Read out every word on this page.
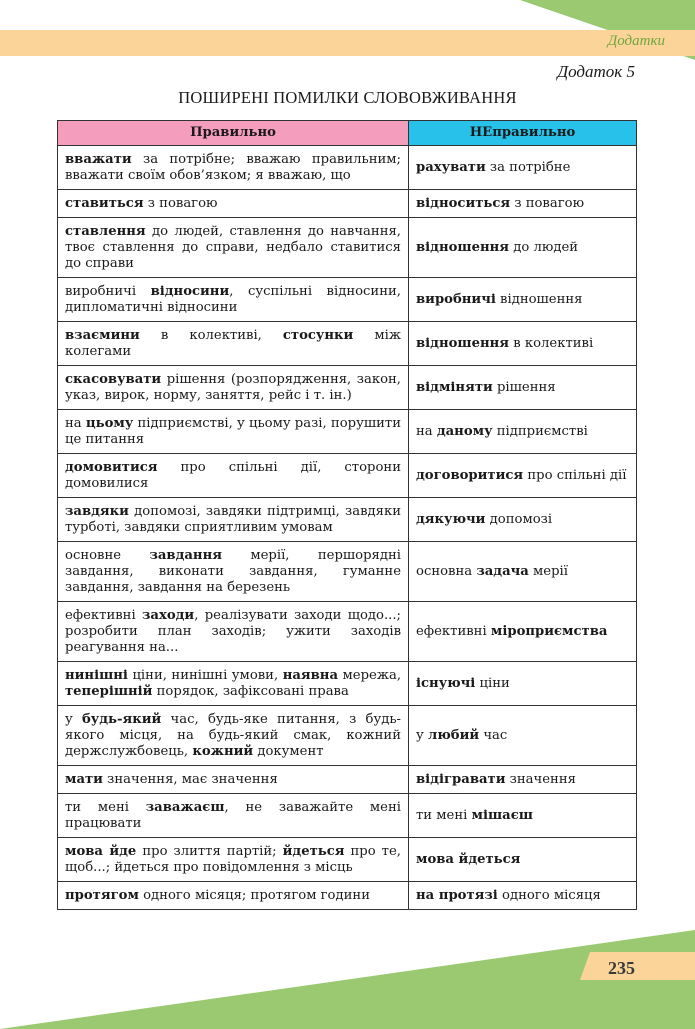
Додатки
Додаток 5
ПОШИРЕНІ ПОМИЛКИ СЛОВОВЖИВАННЯ
Правильно	НЕправильно
вважати за потрібне; вважаю правильним; вважати своїм обов’язком; я вважаю, що	рахувати за потрібне
ставиться з повагою	відноситься з повагою
ставлення до людей, ставлення до навчання, твоє ставлення до справи, недбало ставитися до справи	відношення до людей
виробничі відносини, суспільні відносини, дипломатичні відносини	виробничі відношення
взаємини в колективі, стосунки між колегами	відношення в колективі
скасовувати рішення (розпорядження, закон, указ, вирок, норму, заняття, рейс і т. ін.)	відміняти рішення
на цьому підприємстві, у цьому разі, порушити це питання	на даному підприємстві
домовитися про спільні дії, сторони домовилися	договоритися про спільні дії
завдяки допомозі, завдяки підтримці, завдяки турботі, завдяки сприятливим умовам	дякуючи допомозі
основне завдання мерії, першорядні завдання, виконати завдання, гуманне завдання, завдання на березень	основна задача мерії
ефективні заходи, реалізувати заходи щодо...; розробити план заходів; ужити заходів реагування на...	ефективні мiроприємства
нинішні ціни, нинішні умови, наявна мережа, теперішній порядок, зафіксовані права	існуючі ціни
у будь-який час, будь-яке питання, з будь-якого місця, на будь-який смак, кожний держслужбовець, кожний документ	у любий час
мати значення, має значення	відігравати значення
ти мені заважаєш, не заважайте мені працювати	ти мені мішаєш
мова йде про злиття партій; йдеться про те, щоб...; йдеться про повідомлення з місць	мова йдеться
протягом одного місяця; протягом години	на протязі одного місяця
235
